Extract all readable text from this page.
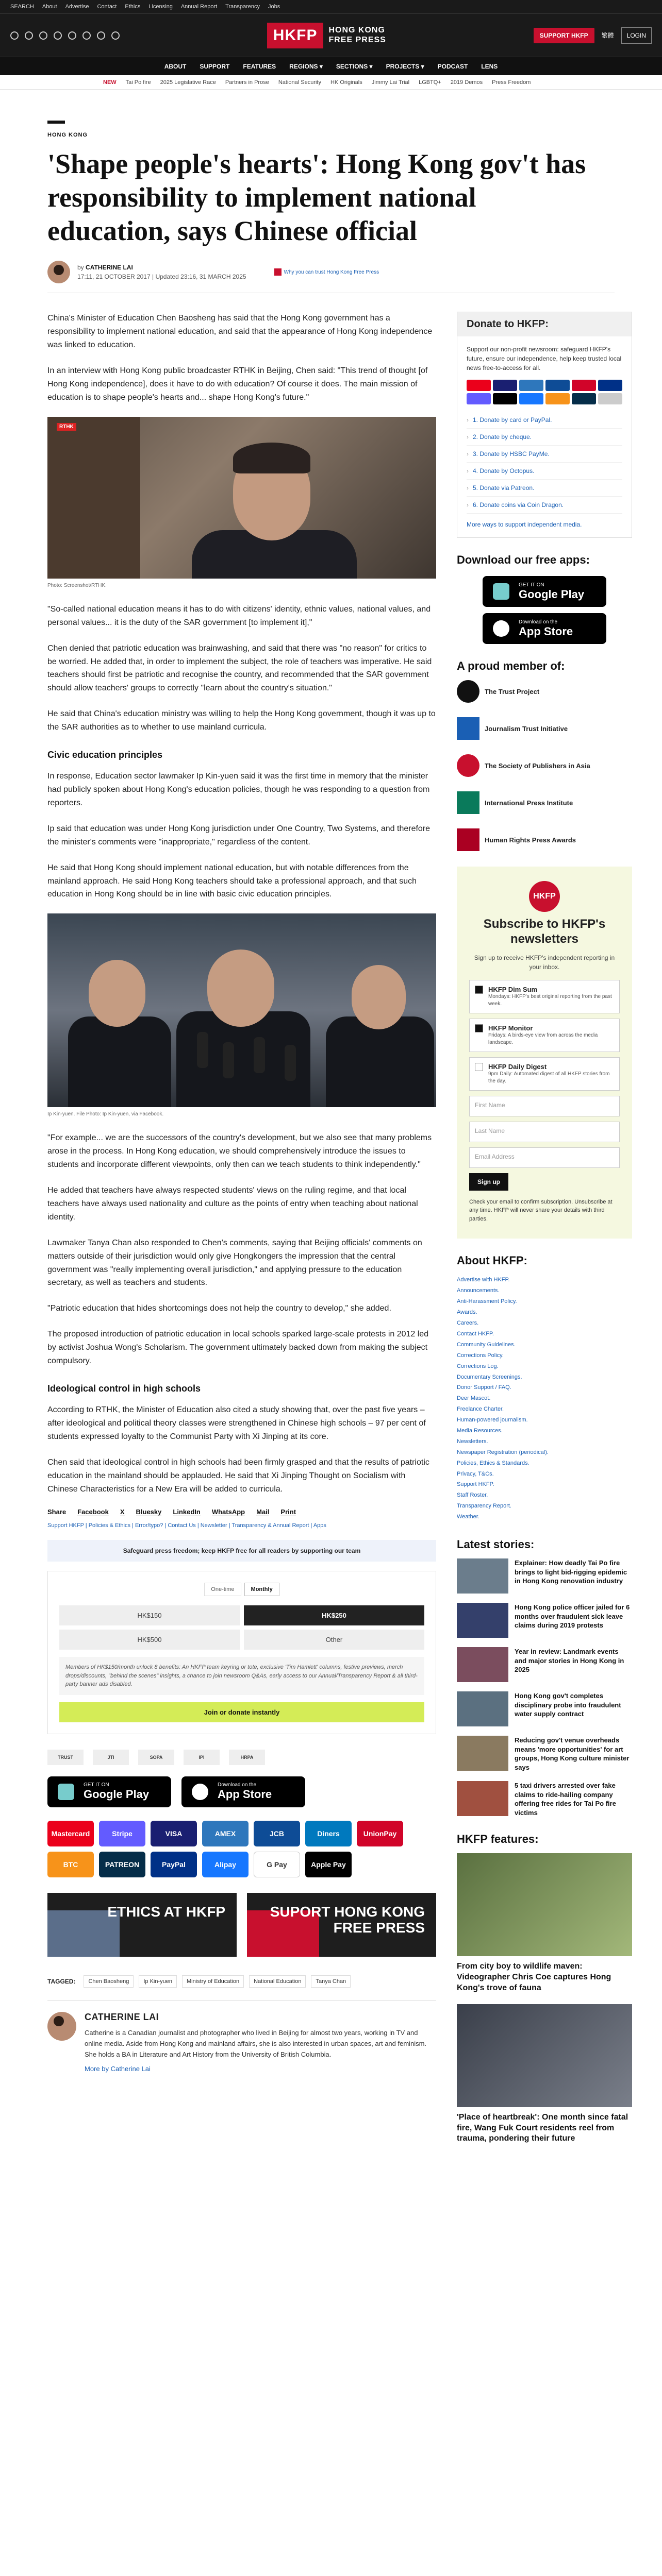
SEARCH About Advertise Contact Ethics Licensing Annual Report Transparency Jobs
HKFP	HONG KONG
FREE PRESS	SUPPORT HKFP	繁體	LOGIN
ABOUT SUPPORT FEATURES REGIONS ▾ SECTIONS ▾ PROJECTS ▾ PODCAST LENS
NEW Tai Po fire 2025 Legislative Race Partners in Prose National Security HK Originals Jimmy Lai Trial LGBTQ+ 2019 Demos Press Freedom
HONG KONG
'Shape people's hearts': Hong Kong gov't has responsibility to implement national education, says Chinese official
by CATHERINE LAI
17:11, 21 OCTOBER 2017 | Updated 23:16, 31 MARCH 2025
Why you can trust Hong Kong Free Press

China's Minister of Education Chen Baosheng has said that the Hong Kong government has a responsibility to implement national education, and said that the appearance of Hong Kong independence was linked to education.

In an interview with Hong Kong public broadcaster RTHK in Beijing, Chen said: "This trend of thought [of Hong Kong independence], does it have to do with education? Of course it does. The main mission of education is to shape people's hearts and... shape Hong Kong's future."

RTHK
Photo: Screenshot/RTHK.

"So-called national education means it has to do with citizens' identity, ethnic values, national values, and personal values... it is the duty of the SAR government [to implement it],"

Chen denied that patriotic education was brainwashing, and said that there was "no reason" for critics to be worried. He added that, in order to implement the subject, the role of teachers was imperative. He said teachers should first be patriotic and recognise the country, and recommended that the SAR government should allow teachers' groups to correctly "learn about the country's situation."

He said that China's education ministry was willing to help the Hong Kong government, though it was up to the SAR authorities as to whether to use mainland curricula.

Civic education principles

In response, Education sector lawmaker Ip Kin-yuen said it was the first time in memory that the minister had publicly spoken about Hong Kong's education policies, though he was responding to a question from reporters.

Ip said that education was under Hong Kong jurisdiction under One Country, Two Systems, and therefore the minister's comments were "inappropriate," regardless of the content.

He said that Hong Kong should implement national education, but with notable differences from the mainland approach. He said Hong Kong teachers should take a professional approach, and that such education in Hong Kong should be in line with basic civic education principles.

Ip Kin-yuen. File Photo: Ip Kin-yuen, via Facebook.

"For example... we are the successors of the country's development, but we also see that many problems arose in the process. In Hong Kong education, we should comprehensively introduce the issues to students and incorporate different viewpoints, only then can we teach students to think independently."

He added that teachers have always respected students' views on the ruling regime, and that local teachers have always used nationality and culture as the points of entry when teaching about national identity.

Lawmaker Tanya Chan also responded to Chen's comments, saying that Beijing officials' comments on matters outside of their jurisdiction would only give Hongkongers the impression that the central government was "really implementing overall jurisdiction," and applying pressure to the education secretary, as well as teachers and students.

"Patriotic education that hides shortcomings does not help the country to develop," she added.

The proposed introduction of patriotic education in local schools sparked large-scale protests in 2012 led by activist Joshua Wong's Scholarism. The government ultimately backed down from making the subject compulsory.

Ideological control in high schools

According to RTHK, the Minister of Education also cited a study showing that, over the past five years – after ideological and political theory classes were strengthened in Chinese high schools – 97 per cent of students expressed loyalty to the Communist Party with Xi Jinping at its core.

Chen said that ideological control in high schools had been firmly grasped and that the results of patriotic education in the mainland should be applauded. He said that Xi Jinping Thought on Socialism with Chinese Characteristics for a New Era will be added to curricula.

Share Facebook X Bluesky LinkedIn WhatsApp Mail Print
Support HKFP | Policies & Ethics | Error/typo? | Contact Us | Newsletter | Transparency & Annual Report | Apps
Safeguard press freedom; keep HKFP free for all readers by supporting our team
One-time	Monthly
HK$150	HK$250
HK$500	Other
Members of HK$150/month unlock 8 benefits: An HKFP team keyring or tote, exclusive 'Tim Hamlett' columns, festive previews, merch drops/discounts, "behind the scenes" insights, a chance to join newsroom Q&As, early access to our Annual/Transparency Report & all third-party banner ads disabled.
Join or donate instantly
TRUST	JTI	SOPA	IPI	HRPA
GET IT ON
Google Play
Download on the
App Store
Mastercard	Stripe	VISA	AMEX	JCB	Diners	UnionPay
BTC	PATREON	PayPal	Alipay	G Pay	Apple Pay
ETHICS AT HKFP	SUPORT HONG KONG FREE PRESS
TAGGED:	Chen Baosheng	Ip Kin-yuen	Ministry of Education	National Education	Tanya Chan
CATHERINE LAI

Catherine is a Canadian journalist and photographer who lived in Beijing for almost two years, working in TV and online media. Aside from Hong Kong and mainland affairs, she is also interested in urban spaces, art and feminism. She holds a BA in Literature and Art History from the University of British Columbia.

More by Catherine Lai
Donate to HKFP:
Support our non-profit newsroom: safeguard HKFP's future, ensure our independence, help keep trusted local news free-to-access for all.
› 1. Donate by card or PayPal.
› 2. Donate by cheque.
› 3. Donate by HSBC PayMe.
› 4. Donate by Octopus.
› 5. Donate via Patreon.
› 6. Donate coins via Coin Dragon.
More ways to support independent media.
Download our free apps:
GET IT ON
Google Play
Download on the
App Store
A proud member of:
The Trust Project
Journalism Trust Initiative
The Society of Publishers in Asia
International Press Institute
Human Rights Press Awards
HKFP
Subscribe to HKFP's newsletters
Sign up to receive HKFP's independent reporting in your inbox.
HKFP Dim Sum

Mondays: HKFP's best original reporting from the past week.

HKFP Monitor

Fridays: A birds-eye view from across the media landscape.

HKFP Daily Digest

9pm Daily: Automated digest of all HKFP stories from the day.

First Name
Last Name
Email Address
Sign up
Check your email to confirm subscription. Unsubscribe at any time. HKFP will never share your details with third parties.
About HKFP:
Advertise with HKFP.
Announcements.
Anti-Harassment Policy.
Awards.
Careers.
Contact HKFP.
Community Guidelines.
Corrections Policy.
Corrections Log.
Documentary Screenings.
Donor Support / FAQ.
Deer Mascot.
Freelance Charter.
Human-powered journalism.
Media Resources.
Newsletters.
Newspaper Registration (periodical).
Policies, Ethics & Standards.
Privacy, T&Cs.
Support HKFP.
Staff Roster.
Transparency Report.
Weather.
Latest stories:

Explainer: How deadly Tai Po fire brings to light bid-rigging epidemic in Hong Kong renovation industry

Hong Kong police officer jailed for 6 months over fraudulent sick leave claims during 2019 protests

Year in review: Landmark events and major stories in Hong Kong in 2025

Hong Kong gov't completes disciplinary probe into fraudulent water supply contract

Reducing gov't venue overheads means 'more opportunities' for art groups, Hong Kong culture minister says

5 taxi drivers arrested over fake claims to ride-hailing company offering free rides for Tai Po fire victims

HKFP features:

From city boy to wildlife maven: Videographer Chris Coe captures Hong Kong's trove of fauna

'Place of heartbreak': One month since fatal fire, Wang Fuk Court residents reel from trauma, pondering their future
